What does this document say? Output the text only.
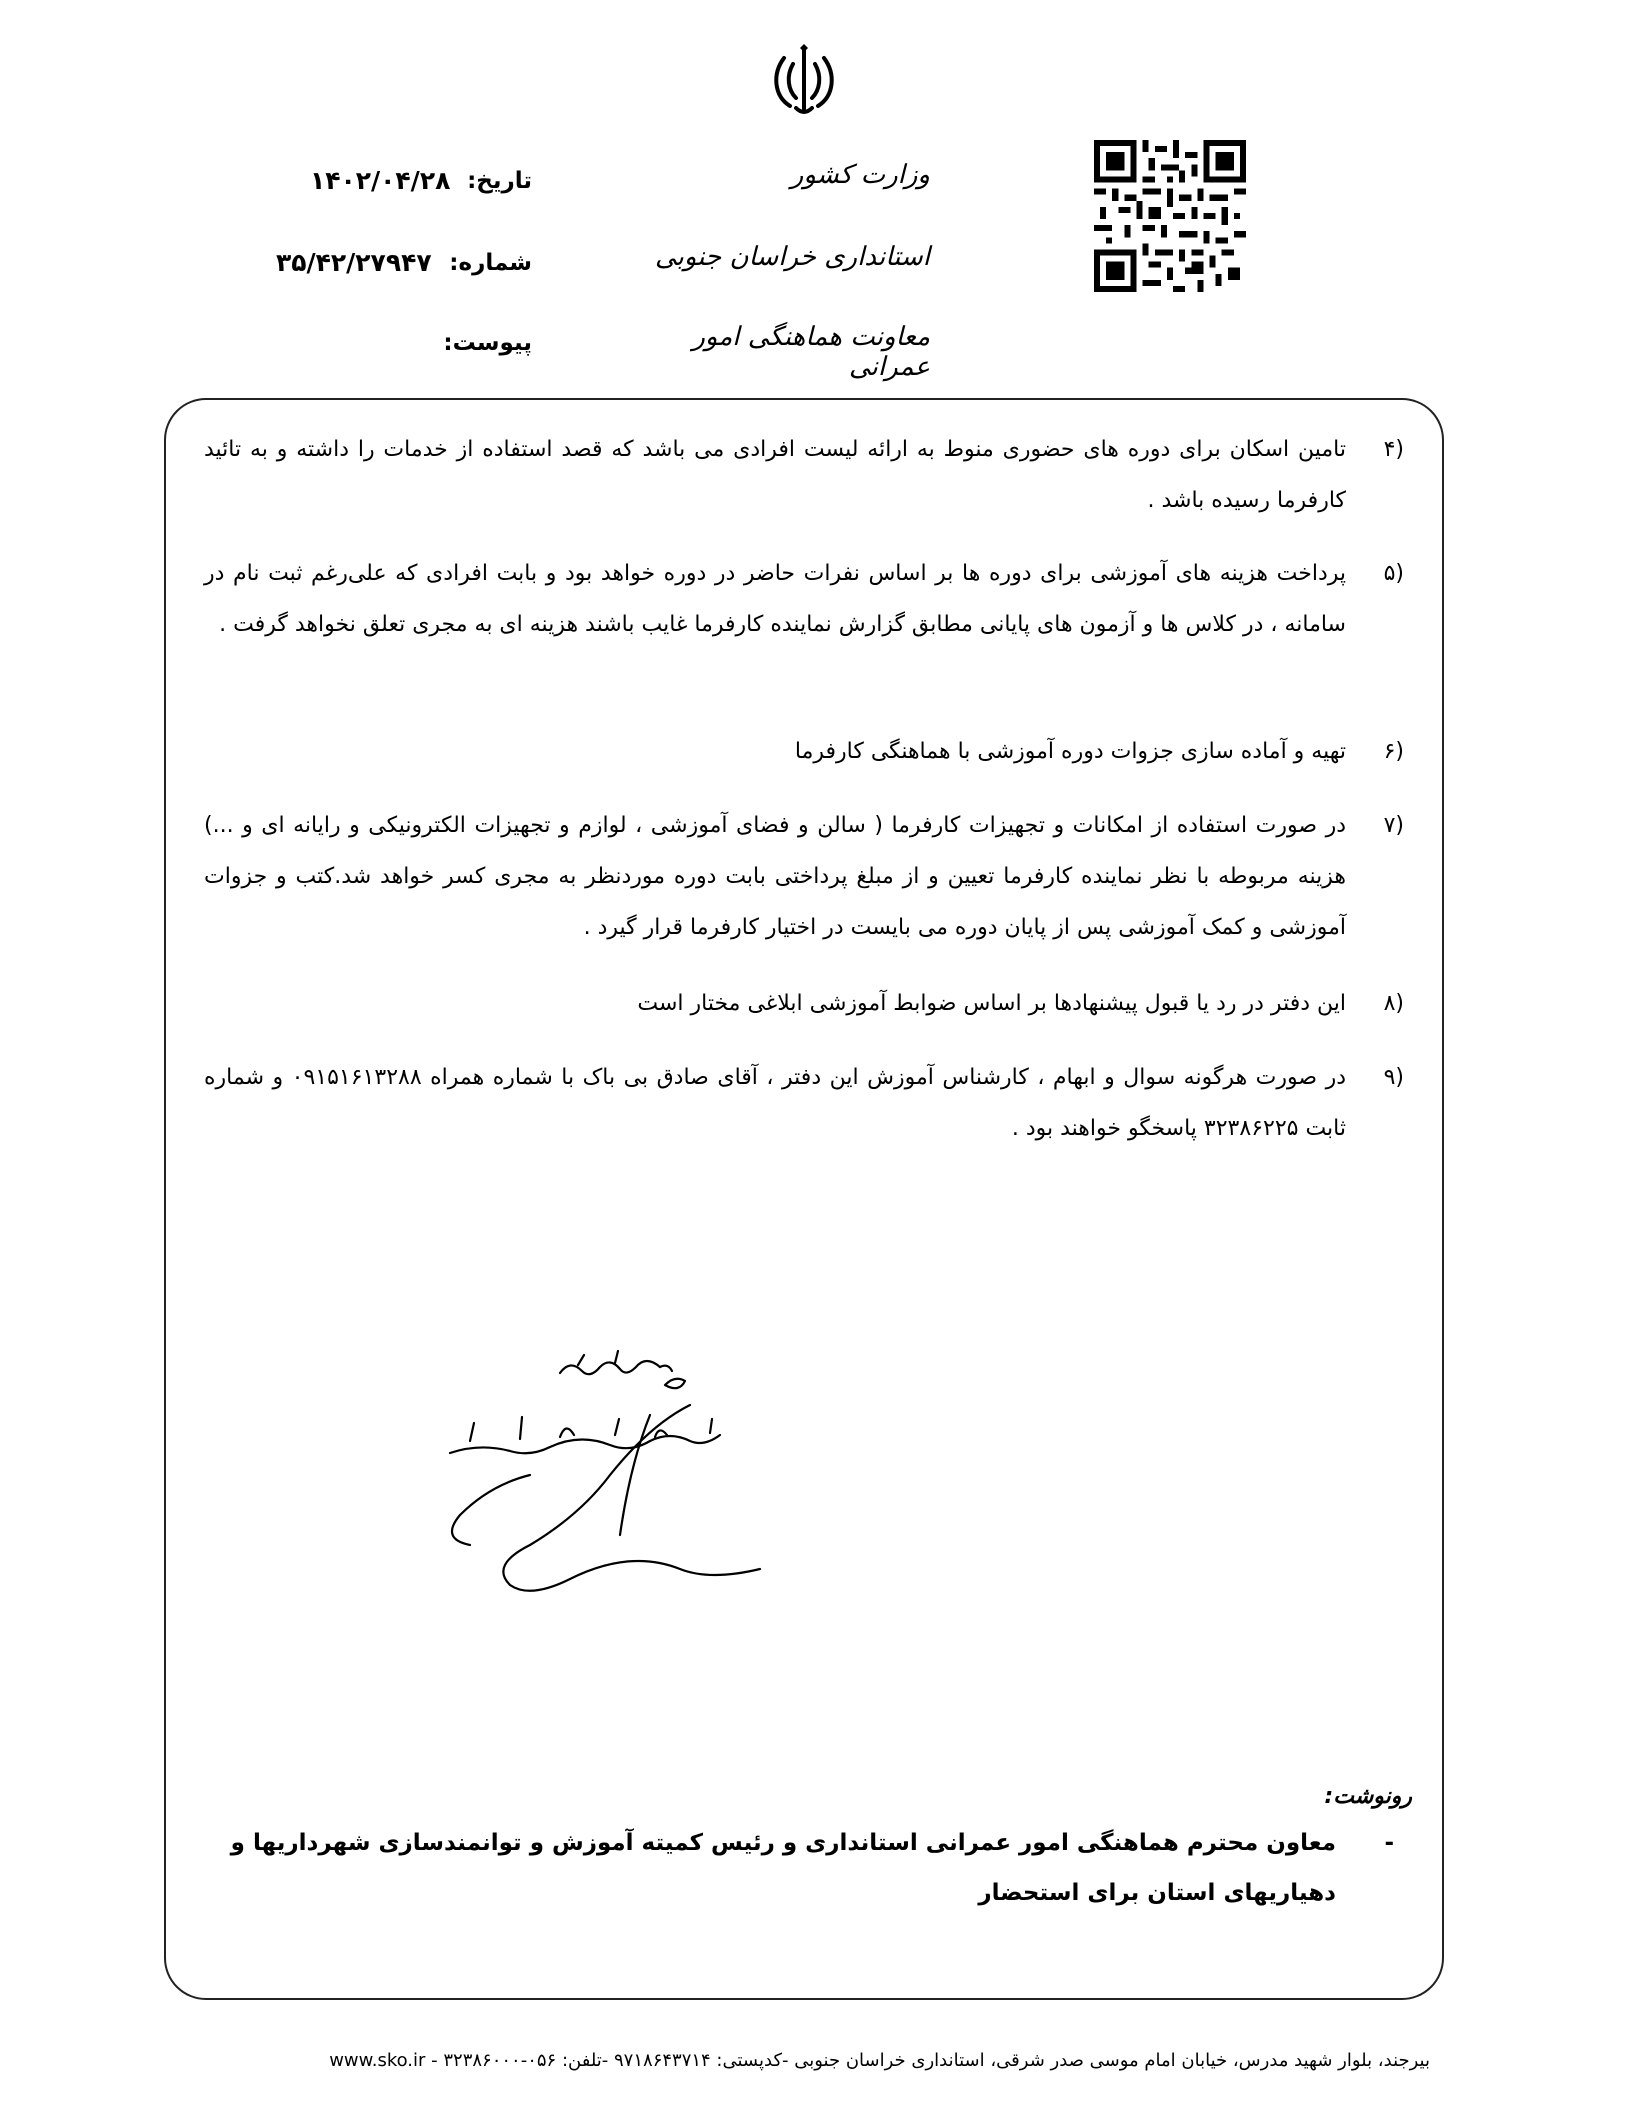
وزارت کشور
استانداری خراسان جنوبی
معاونت هماهنگی امور عمرانی
تاریخ:
۱۴۰۲/۰۴/۲۸
شماره:
۳۵/۴۲/۲۷۹۴۷
پیوست:
(۴
تامین اسکان برای دوره های حضوری منوط به ارائه لیست افرادی می باشد که قصد استفاده از خدمات را داشته و به تائید کارفرما رسیده باشد .
(۵
پرداخت هزینه های آموزشی برای دوره ها بر اساس نفرات حاضر در دوره خواهد بود و بابت افرادی که علی‌رغم ثبت نام در سامانه ، در کلاس ها و آزمون های پایانی مطابق گزارش نماینده کارفرما غایب باشند هزینه ای به مجری تعلق نخواهد گرفت .
(۶
تهیه و آماده سازی جزوات دوره آموزشی با هماهنگی کارفرما
(۷
در صورت استفاده از امکانات و تجهیزات کارفرما ( سالن و فضای آموزشی ، لوازم و تجهیزات الکترونیکی و رایانه ای و ...) هزینه مربوطه با نظر نماینده کارفرما تعیین و از مبلغ پرداختی بابت دوره موردنظر به مجری کسر خواهد شد.کتب و جزوات آموزشی و کمک آموزشی پس از پایان دوره می بایست در اختیار کارفرما قرار گیرد .
(۸
این دفتر در رد یا قبول پیشنهادها بر اساس ضوابط آموزشی ابلاغی مختار است
(۹
در صورت هرگونه سوال و ابهام ، کارشناس آموزش این دفتر ، آقای صادق بی باک با شماره همراه ۰۹۱۵۱۶۱۳۲۸۸ و شماره ثابت ۳۲۳۸۶۲۲۵ پاسخگو خواهند بود .
رونوشت:
-
معاون محترم هماهنگی امور عمرانی استانداری و رئیس کمیته آموزش و توانمندسازی شهرداریها و دهیاریهای استان برای استحضار
بیرجند، بلوار شهید مدرس، خیابان امام موسی صدر شرقی، استانداری خراسان جنوبی -کدپستی: ۹۷۱۸۶۴۳۷۱۴ -تلفن: ۰۵۶-۳۲۳۸۶۰۰۰ - www.sko.ir
